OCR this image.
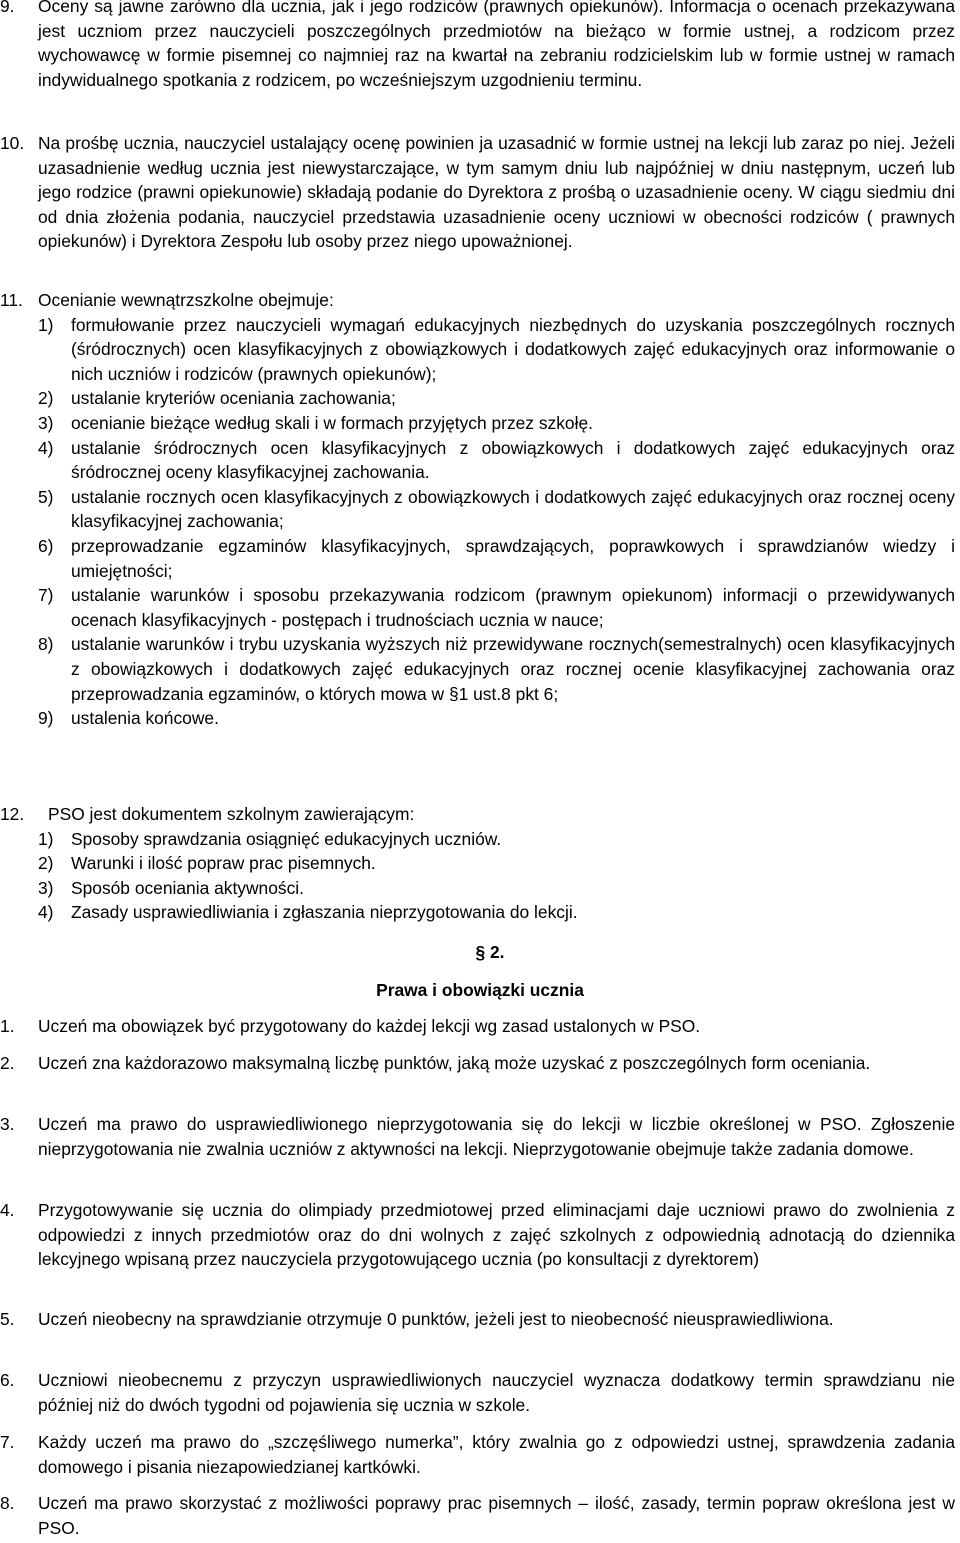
9. Oceny są jawne zarówno dla ucznia, jak i jego rodziców (prawnych opiekunów). Informacja o ocenach przekazywana jest uczniom przez nauczycieli poszczególnych przedmiotów na bieżąco w formie ustnej, a rodzicom przez wychowawcę w formie pisemnej co najmniej raz na kwartał na zebraniu rodzicielskim lub w formie ustnej w ramach indywidualnego spotkania z rodzicem, po wcześniejszym uzgodnieniu terminu.
10. Na prośbę ucznia, nauczyciel ustalający ocenę powinien ja uzasadnić w formie ustnej na lekcji lub zaraz po niej. Jeżeli uzasadnienie według ucznia jest niewystarczające, w tym samym dniu lub najpóźniej w dniu następnym, uczeń lub jego rodzice (prawni opiekunowie) składają podanie do Dyrektora z prośbą o uzasadnienie oceny. W ciągu siedmiu dni od dnia złożenia podania, nauczyciel przedstawia uzasadnienie oceny uczniowi w obecności rodziców ( prawnych opiekunów) i Dyrektora Zespołu lub osoby przez niego upoważnionej.
11. Ocenianie wewnątrzszkolne obejmuje:
1) formułowanie przez nauczycieli wymagań edukacyjnych niezbędnych do uzyskania poszczególnych rocznych (śródrocznych) ocen klasyfikacyjnych z obowiązkowych i dodatkowych zajęć edukacyjnych oraz informowanie o nich uczniów i rodziców (prawnych opiekunów);
2) ustalanie kryteriów oceniania zachowania;
3) ocenianie bieżące według skali i w formach przyjętych przez szkołę.
4) ustalanie śródrocznych ocen klasyfikacyjnych z obowiązkowych i dodatkowych zajęć edukacyjnych oraz śródrocznej oceny klasyfikacyjnej zachowania.
5) ustalanie rocznych ocen klasyfikacyjnych z obowiązkowych i dodatkowych zajęć edukacyjnych oraz rocznej oceny klasyfikacyjnej zachowania;
6) przeprowadzanie egzaminów klasyfikacyjnych, sprawdzających, poprawkowych i sprawdzianów wiedzy i umiejętności;
7) ustalanie warunków i sposobu przekazywania rodzicom (prawnym opiekunom) informacji o przewidywanych ocenach klasyfikacyjnych - postępach i trudnościach ucznia w nauce;
8) ustalanie warunków i trybu uzyskania wyższych niż przewidywane rocznych(semestralnych) ocen klasyfikacyjnych z obowiązkowych i dodatkowych zajęć edukacyjnych oraz rocznej ocenie klasyfikacyjnej zachowania oraz przeprowadzania egzaminów, o których mowa w §1 ust.8 pkt 6;
9) ustalenia końcowe.
12. PSO jest dokumentem szkolnym zawierającym:
1) Sposoby sprawdzania osiągnięć edukacyjnych uczniów.
2) Warunki i ilość popraw prac pisemnych.
3) Sposób oceniania aktywności.
4) Zasady usprawiedliwiania i zgłaszania nieprzygotowania do lekcji.
§ 2.
Prawa i obowiązki ucznia
1. Uczeń ma obowiązek być przygotowany do każdej lekcji wg zasad ustalonych w PSO.
2. Uczeń zna każdorazowo maksymalną liczbę punktów, jaką może uzyskać z poszczególnych form oceniania.
3. Uczeń ma prawo do usprawiedliwionego nieprzygotowania się do lekcji w liczbie określonej w PSO. Zgłoszenie nieprzygotowania nie zwalnia uczniów z aktywności na lekcji. Nieprzygotowanie obejmuje także zadania domowe.
4. Przygotowywanie się ucznia do olimpiady przedmiotowej przed eliminacjami daje uczniowi prawo do zwolnienia z odpowiedzi z innych przedmiotów oraz do dni wolnych z zajęć szkolnych z odpowiednią adnotacją do dziennika lekcyjnego wpisaną przez nauczyciela przygotowującego ucznia (po konsultacji z dyrektorem)
5. Uczeń nieobecny na sprawdzianie otrzymuje 0 punktów, jeżeli jest to nieobecność nieusprawiedliwiona.
6. Uczniowi nieobecnemu z przyczyn usprawiedliwionych nauczyciel wyznacza dodatkowy termin sprawdzianu nie później niż do dwóch tygodni od pojawienia się ucznia w szkole.
7. Każdy uczeń ma prawo do „szczęśliwego numerka”, który zwalnia go z odpowiedzi ustnej, sprawdzenia zadania domowego i pisania niezapowiedzianej kartkówki.
8. Uczeń ma prawo skorzystać z możliwości poprawy prac pisemnych – ilość, zasady, termin popraw określona jest w PSO.
